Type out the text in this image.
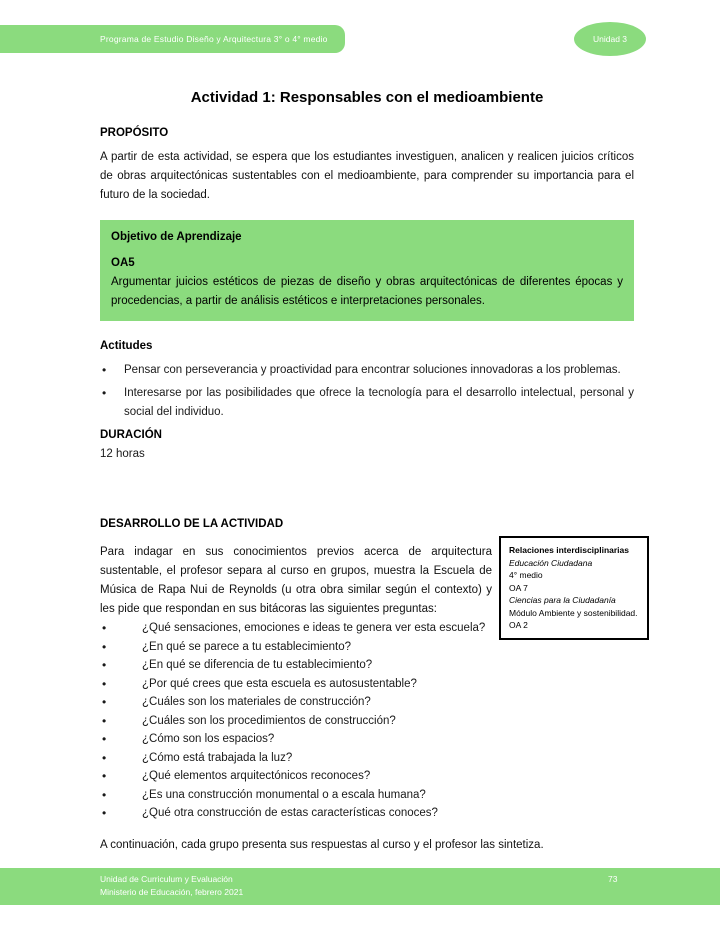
Programa de Estudio Diseño y Arquitectura 3° o 4° medio	Unidad 3
Actividad 1: Responsables con el medioambiente
PROPÓSITO
A partir de esta actividad, se espera que los estudiantes investiguen, analicen y realicen juicios críticos de obras arquitectónicas sustentables con el medioambiente, para comprender su importancia para el futuro de la sociedad.
Objetivo de Aprendizaje
OA5
Argumentar juicios estéticos de piezas de diseño y obras arquitectónicas de diferentes épocas y procedencias, a partir de análisis estéticos e interpretaciones personales.
Actitudes
• Pensar con perseverancia y proactividad para encontrar soluciones innovadoras a los problemas.
• Interesarse por las posibilidades que ofrece la tecnología para el desarrollo intelectual, personal y social del individuo.
DURACIÓN
12 horas
DESARROLLO DE LA ACTIVIDAD
Relaciones interdisciplinarias
Educación Ciudadana
4° medio
OA 7
Ciencias para la Ciudadanía
Módulo Ambiente y sostenibilidad.
OA 2
Para indagar en sus conocimientos previos acerca de arquitectura sustentable, el profesor separa al curso en grupos, muestra la Escuela de Música de Rapa Nui de Reynolds (u otra obra similar según el contexto) y les pide que respondan en sus bitácoras las siguientes preguntas:
• ¿Qué sensaciones, emociones e ideas te genera ver esta escuela?
• ¿En qué se parece a tu establecimiento?
• ¿En qué se diferencia de tu establecimiento?
• ¿Por qué crees que esta escuela es autosustentable?
• ¿Cuáles son los materiales de construcción?
• ¿Cuáles son los procedimientos de construcción?
• ¿Cómo son los espacios?
• ¿Cómo está trabajada la luz?
• ¿Qué elementos arquitectónicos reconoces?
• ¿Es una construcción monumental o a escala humana?
• ¿Qué otra construcción de estas características conoces?
A continuación, cada grupo presenta sus respuestas al curso y el profesor las sintetiza.
Unidad de Curriculum y Evaluación
Ministerio de Educación, febrero 2021
73
